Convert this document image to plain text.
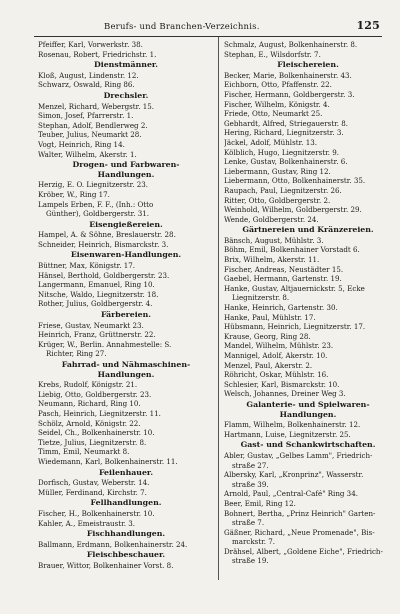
Berufs- und Branchen-Verzeichnis.	125
Pfeiffer, Karl, Vorwerkstr. 38.
Rosenau, Robert, Friedrichstr. 1.
Dienstmänner.
Kloß, August, Lindenstr. 12.
Schwarz, Oswald, Ring 86.
Drechsler.
Menzel, Richard, Webergstr. 15.
Simon, Josef, Pfarrerstr. 1.
Stephan, Adolf, Bendlerweg 2.
Teuber, Julius, Neumarkt 28.
Vogt, Heinrich, Ring 14.
Walter, Wilhelm, Akerstr. 1.
Drogen- und Farbwaren-
Handlungen.
Herzig, E. O. Liegnitzerstr. 23.
Kröber, W., Ring 17.
Lampels Erben, F. F., (Inh.: Otto
Günther), Goldbergerstr. 31.
Eisengießereien.
Hampel, A. & Söhne, Breslauerstr. 28.
Schneider, Heinrich, Bismarckstr. 3.
Eisenwaren-Handlungen.
Büttner, Max, Königstr. 17.
Hänsel, Berthold, Goldbergerstr. 23.
Langermann, Emanuel, Ring 10.
Nitsche, Waldo, Liegnitzerstr. 18.
Rother, Julius, Goldbergerstr. 4.
Färbereien.
Friese, Gustav, Neumarkt 23.
Heinrich, Franz, Grüttnerstr. 22.
Krüger, W., Berlin. Annahmestelle: S.
Richter, Ring 27.
Fahrrad- und Nähmaschinen-
Handlungen.
Krebs, Rudolf, Königstr. 21.
Liebig, Otto, Goldbergerstr. 23.
Neumann, Richard, Ring 10.
Pasch, Heinrich, Liegnitzerstr. 11.
Schölz, Arnold, Königstr. 22.
Seidel, Ch., Bolkenhainerstr. 10.
Tietze, Julius, Liegnitzerstr. 8.
Timm, Emil, Neumarkt 8.
Wiedemann, Karl, Bolkenhainerstr. 11.
Feilenhauer.
Dorfisch, Gustav, Weberstr. 14.
Müller, Ferdinand, Kirchstr. 7.
Fellhandlungen.
Fischer, H., Bolkenhainerstr. 10.
Kahler, A., Emeistraustr. 3.
Fischhandlungen.
Ballmann, Erdmann, Bolkenhainerstr. 24.
Fleischbeschauer.
Brauer, Wittor, Bolkenhainer Vorst. 8.
Schmalz, August, Bolkenhainerstr. 8.
Stephan, E., Wilsdorfstr. 7.
Fleischereien.
Becker, Marie, Bolkenhainerstr. 43.
Eichborn, Otto, Pfaffenstr. 22.
Fischer, Hermann, Goldbergerstr. 3.
Fischer, Wilhelm, Königstr. 4.
Friede, Otto, Neumarkt 25.
Gebhardt, Alfred, Striegauerstr. 8.
Hering, Richard, Liegnitzerstr. 3.
Jäckel, Adolf, Mühlstr. 13.
Kölblich, Hugo, Liegnitzerstr. 9.
Lenke, Gustav, Bolkenhainerstr. 6.
Liebermann, Gustav, Ring 12.
Liebermann, Otto, Bolkenhainerstr. 35.
Raupach, Paul, Liegnitzerstr. 26.
Ritter, Otto, Goldbergerstr. 2.
Weinhold, Wilhelm, Goldbergerstr. 29.
Wende, Goldbergerstr. 24.
Gärtnereien und Kränzereien.
Bänsch, August, Mühlstr. 3.
Böhm, Emil, Bolkenhainer Vorstadt 6.
Brix, Wilhelm, Akerstr. 11.
Fischer, Andreas, Neustädter 15.
Gaebel, Hermann, Gartenstr. 19.
Hanke, Gustav, Altjauernickstr. 5, Ecke
Liegnitzerstr. 8.
Hanke, Heinrich, Gartenstr. 30.
Hanke, Paul, Mühlstr. 17.
Hübsmann, Heinrich, Liegnitzerstr. 17.
Krause, Georg, Ring 28.
Mandel, Wilhelm, Mühlstr. 23.
Mannigel, Adolf, Akerstr. 10.
Menzel, Paul, Akerstr. 2.
Röhricht, Oskar, Mühlstr. 16.
Schlesier, Karl, Bismarckstr. 10.
Welsch, Johannes, Dreiner Weg 3.
Galanterie- und Spielwaren-
Handlungen.
Flamm, Wilhelm, Bolkenhainerstr. 12.
Hartmann, Luise, Liegnitzerstr. 25.
Gast- und Schankwirtschaften.
Abler, Gustav, „Gelbes Lamm", Friedrich-
straße 27.
Albersky, Karl, „Kronprinz", Wasserstr.
straße 39.
Arnold, Paul, „Central-Café" Ring 34.
Beer, Emil, Ring 12.
Bohnert, Bertha, „Prinz Heinrich" Garten-
straße 7.
Gäßner, Richard, „Neue Promenade", Bis-
marckstr. 7.
Drähsel, Albert, „Goldene Eiche", Friedrich-
straße 19.
